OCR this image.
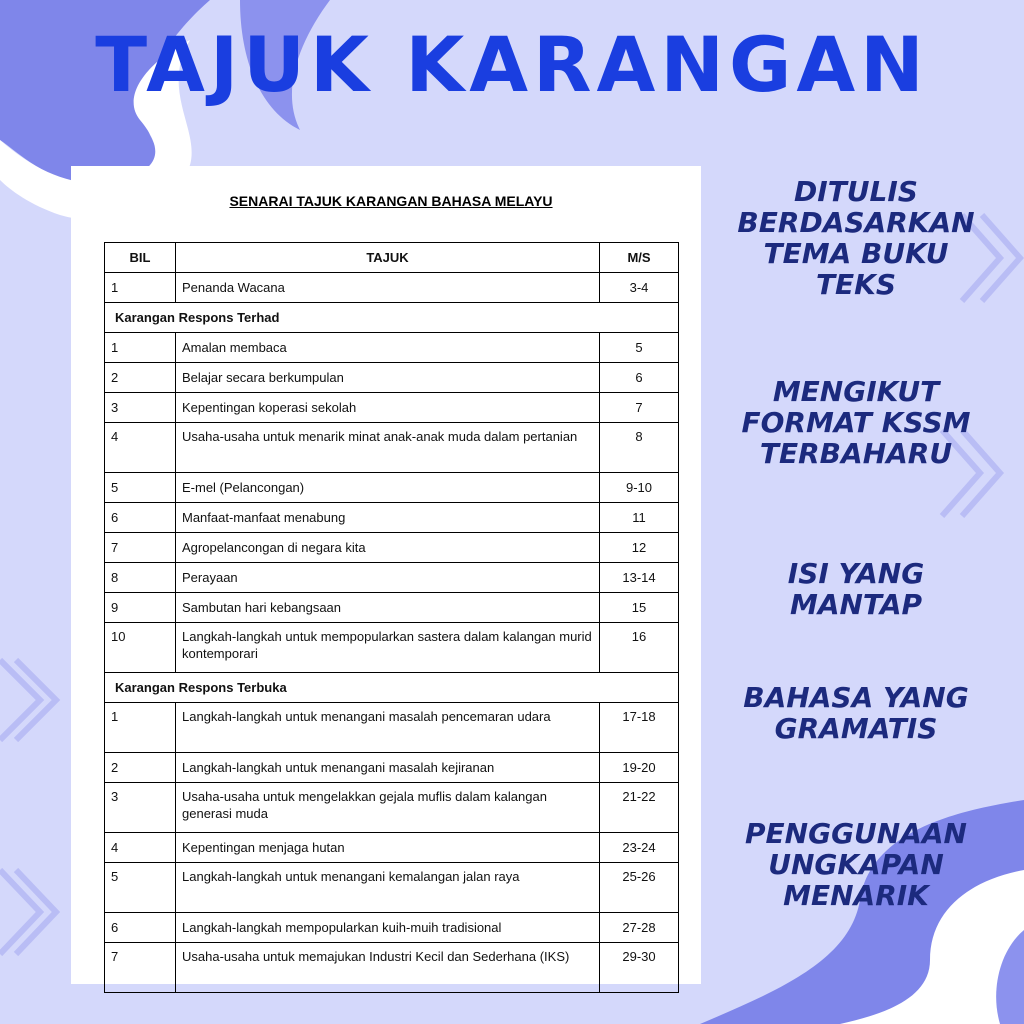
TAJUK KARANGAN

SENARAI TAJUK KARANGAN BAHASA MELAYU

BIL	TAJUK	M/S
1	Penanda Wacana	3-4
Karangan Respons Terhad		
1	Amalan membaca	5
2	Belajar secara berkumpulan	6
3	Kepentingan koperasi sekolah	7
4	Usaha-usaha untuk menarik minat anak-anak muda dalam pertanian	8
5	E-mel (Pelancongan)	9-10
6	Manfaat-manfaat menabung	11
7	Agropelancongan di negara kita	12
8	Perayaan	13-14
9	Sambutan hari kebangsaan	15
10	Langkah-langkah untuk mempopularkan sastera dalam kalangan murid kontemporari	16
Karangan Respons Terbuka		
1	Langkah-langkah untuk menangani masalah pencemaran udara	17-18
2	Langkah-langkah untuk menangani masalah kejiranan	19-20
3	Usaha-usaha untuk mengelakkan gejala muflis dalam kalangan generasi muda	21-22
4	Kepentingan menjaga hutan	23-24
5	Langkah-langkah untuk menangani kemalangan jalan raya	25-26
6	Langkah-langkah mempopularkan kuih-muih tradisional	27-28
7	Usaha-usaha untuk memajukan Industri Kecil dan Sederhana (IKS)	29-30

DITULIS
BERDASARKAN
TEMA BUKU
TEKS

MENGIKUT
FORMAT KSSM
TERBAHARU

ISI YANG
MANTAP

BAHASA YANG
GRAMATIS

PENGGUNAAN
UNGKAPAN
MENARIK
